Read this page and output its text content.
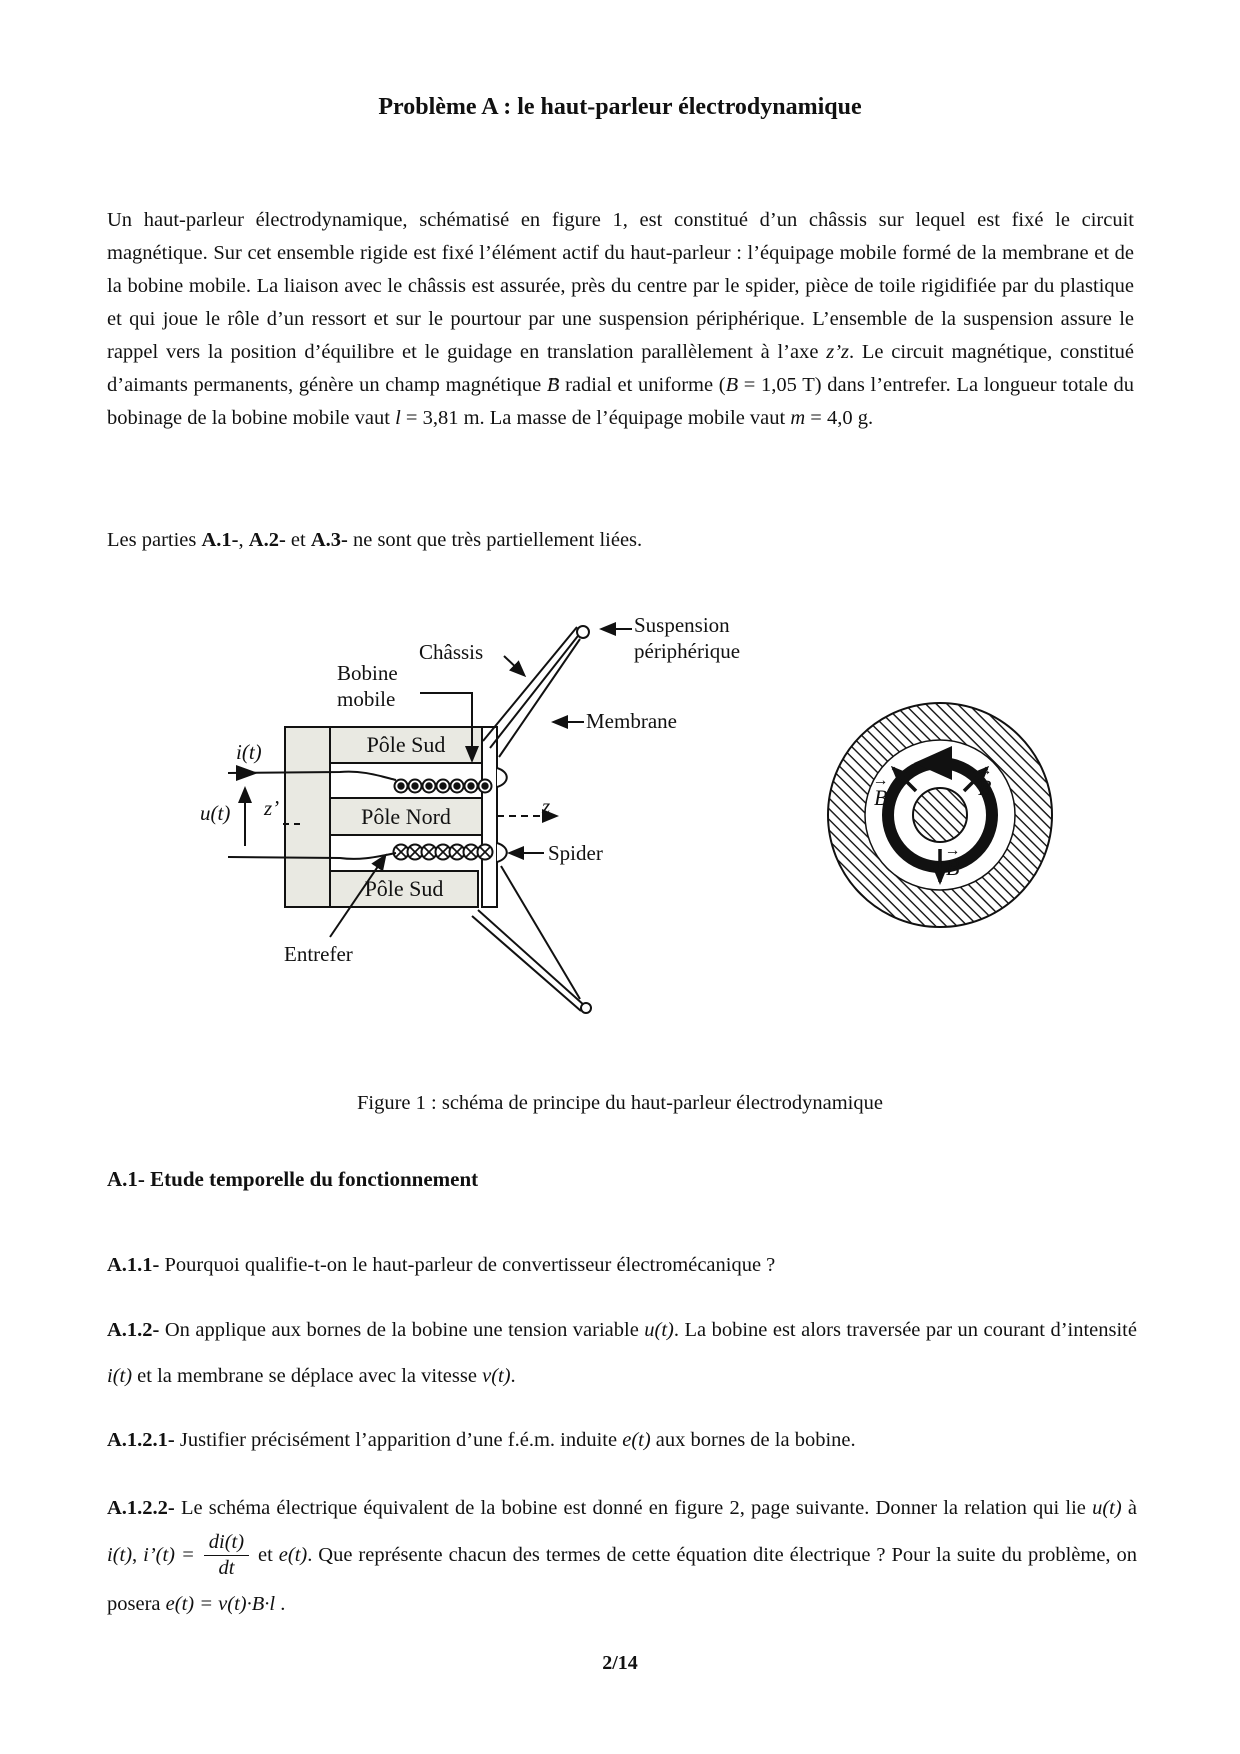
Problème A : le haut-parleur électrodynamique

Un haut-parleur électrodynamique, schématisé en figure 1, est constitué d’un châssis sur lequel est fixé le circuit magnétique. Sur cet ensemble rigide est fixé l’élément actif du haut-parleur : l’équipage mobile formé de la membrane et de la bobine mobile. La liaison avec le châssis est assurée, près du centre par le spider, pièce de toile rigidifiée par du plastique et qui joue le rôle d’un ressort et sur le pourtour par une suspension périphérique. L’ensemble de la suspension assure le rappel vers la position d’équilibre et le guidage en translation parallèlement à l’axe z’z. Le circuit magnétique, constitué d’aimants permanents, génère un champ magnétique B → radial et uniforme (B = 1,05 T) dans l’entrefer. La longueur totale du bobinage de la bobine mobile vaut l = 3,81 m. La masse de l’équipage mobile vaut m = 4,0 g.

Les parties A.1-, A.2- et A.3- ne sont que très partiellement liées.

Bobine mobile
Châssis
Suspension périphérique
Membrane
Spider
Entrefer
Pôle Sud
Pôle Nord
Pôle Sud
i(t)
u(t) z’	z	B →	B →
B →
Figure 1 : schéma de principe du haut-parleur électrodynamique
A.1- Etude temporelle du fonctionnement

A.1.1- Pourquoi qualifie-t-on le haut-parleur de convertisseur électromécanique ?

A.1.2- On applique aux bornes de la bobine une tension variable u(t). La bobine est alors traversée par un courant d’intensité i(t) et la membrane se déplace avec la vitesse v(t).

A.1.2.1- Justifier précisément l’apparition d’une f.é.m. induite e(t) aux bornes de la bobine.

A.1.2.2- Le schéma électrique équivalent de la bobine est donné en figure 2, page suivante. Donner la relation qui lie u(t) à i(t), i’(t) = $\frac{di(t)}{dt}$ et e(t). Que représente chacun des termes de cette équation dite électrique ? Pour la suite du problème, on posera e(t) = v(t)·B·l .

2/14
